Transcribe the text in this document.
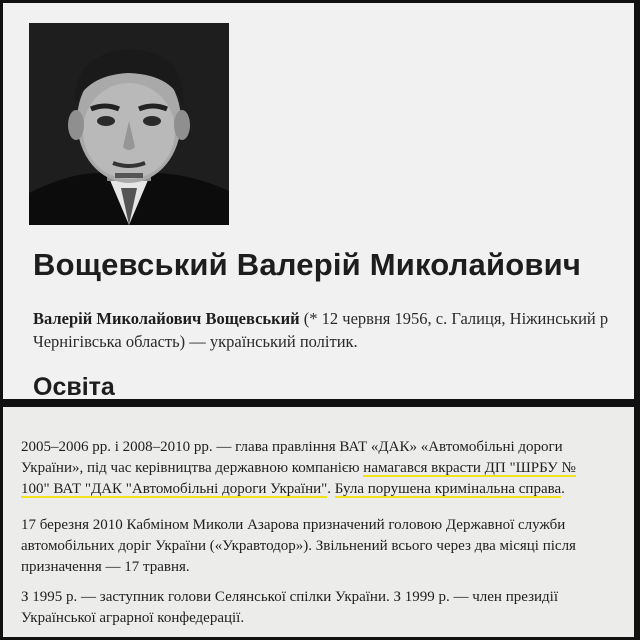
Вощевський Валерій Миколайович

Валерій Миколайович Вощевський (* 12 червня 1956, с. Галиця, Ніжинський р
Чернігівська область) — український політик.

Освіта

2005–2006 рр. і 2008–2010 рр. — глава правління ВАТ «ДАК» «Автомобільні дороги
України», під час керівництва державною компанією намагався вкрасти ДП "ШРБУ №
100" ВАТ "ДАК "Автомобільні дороги України". Була порушена кримінальна справа.

17 березня 2010 Кабміном Миколи Азарова призначений головою Державної служби
автомобільних доріг України («Укравтодор»). Звільнений всього через два місяці після
призначення — 17 травня.

З 1995 р. — заступник голови Селянської спілки України. З 1999 р. — член президії
Української аграрної конфедерації.
